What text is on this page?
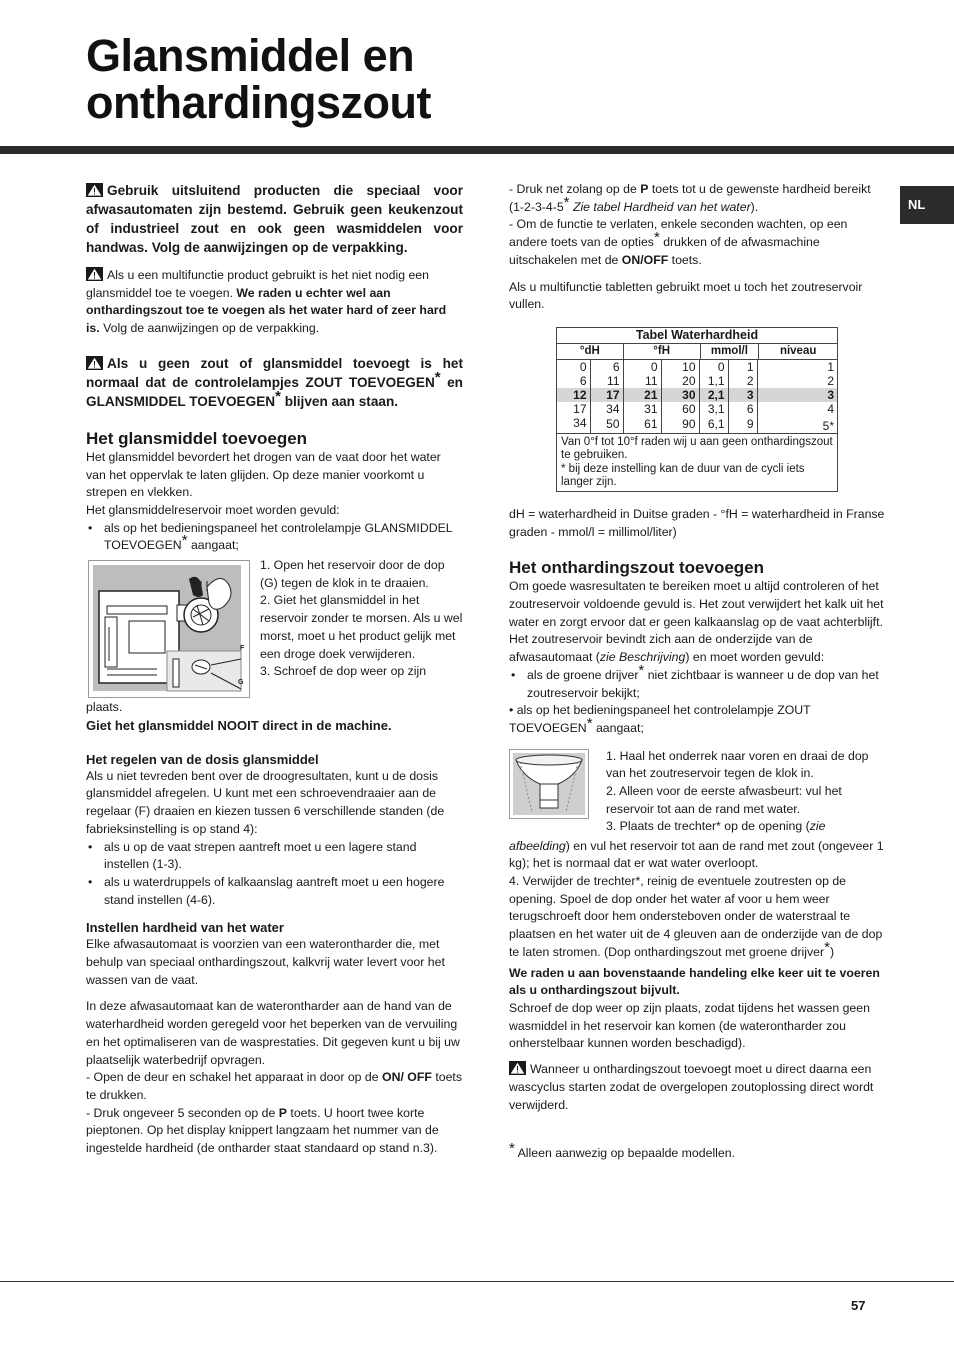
Glansmiddel en
onthardingszout
NL

Gebruik uitsluitend producten die speciaal voor afwasautomaten zijn bestemd. Gebruik geen keukenzout of industrieel zout en ook geen wasmiddelen voor handwas. Volg de aanwijzingen op de verpakking.

Als u een multifunctie product gebruikt is het niet nodig een glansmiddel toe te voegen. We raden u echter wel aan onthardingszout toe te voegen als het water hard of zeer hard is. Volg de aanwijzingen op de verpakking.

Als u geen zout of glansmiddel toevoegt is het normaal dat de controlelampjes ZOUT TOEVOEGEN* en GLANSMIDDEL TOEVOEGEN* blijven aan staan.

Het glansmiddel toevoegen

Het glansmiddel bevordert het drogen van de vaat door het water van het oppervlak te laten glijden. Op deze manier voorkomt u strepen en vlekken.

Het glansmiddelreservoir moet worden gevuld:

• als op het bedieningspaneel het controlelampje GLANSMIDDEL TOEVOEGEN* aangaat;
F
G

1. Open het reservoir door de dop (G) tegen de klok in te draaien.

2. Giet het glansmiddel in het reservoir zonder te morsen. Als u wel morst, moet u het product gelijk met een droge doek verwijderen.

3. Schroef de dop weer op zijn

plaats.

Giet het glansmiddel NOOIT direct in de machine.

Het regelen van de dosis glansmiddel

Als u niet tevreden bent over de droogresultaten, kunt u de dosis glansmiddel afregelen. U kunt met een schroevendraaier aan de regelaar (F) draaien en kiezen tussen 6 verschillende standen (de fabrieksinstelling is op stand 4):

• als u op de vaat strepen aantreft moet u een lagere stand instellen (1-3).
• als u waterdruppels of kalkaanslag aantreft moet u een hogere stand instellen (4-6).
Instellen hardheid van het water

Elke afwasautomaat is voorzien van een waterontharder die, met behulp van speciaal onthardingszout, kalkvrij water levert voor het wassen van de vaat.

In deze afwasautomaat kan de waterontharder aan de hand van de waterhardheid worden geregeld voor het beperken van de vervuiling en het optimaliseren van de wasprestaties. Dit gegeven kunt u bij uw plaatselijk waterbedrijf opvragen.

- Open de deur en schakel het apparaat in door op de ON/ OFF toets te drukken.

- Druk ongeveer 5 seconden op de P toets. U hoort twee korte pieptonen. Op het display knippert langzaam het nummer van de ingestelde hardheid (de ontharder staat standaard op stand n.3).

- Druk net zolang op de P toets tot u de gewenste hardheid bereikt (1-2-3-4-5* Zie tabel Hardheid van het water).

- Om de functie te verlaten, enkele seconden wachten, op een andere toets van de opties* drukken of de afwasmachine uitschakelen met de ON/OFF toets.

Als u multifunctie tabletten gebruikt moet u toch het zoutreservoir vullen.

Tabel Waterhardheid
°dH	°fH	mmol/l	niveau
0	6	0	10	0	1	1
6	11	11	20	1,1	2	2
12	17	21	30	2,1	3	3
17	34	31	60	3,1	6	4
34	50	61	90	6,1	9	5*
Van 0°f tot 10°f raden wij u aan geen onthardingszout te gebruiken.
* bij deze instelling kan de duur van de cycli iets langer zijn.

dH = waterhardheid in Duitse graden - °fH = waterhardheid in Franse graden - mmol/l = millimol/liter)

Het onthardingszout toevoegen

Om goede wasresultaten te bereiken moet u altijd controleren of het zoutreservoir voldoende gevuld is. Het zout verwijdert het kalk uit het water en zorgt ervoor dat er geen kalkaanslag op de vaat achterblijft.

Het zoutreservoir bevindt zich aan de onderzijde van de afwasautomaat (zie Beschrijving) en moet worden gevuld:

• als de groene drijver* niet zichtbaar is wanneer u de dop van het zoutreservoir bekijkt;

• als op het bedieningspaneel het controlelampje ZOUT TOEVOEGEN* aangaat;

1. Haal het onderrek naar voren en draai de dop van het zoutreservoir tegen de klok in.

2. Alleen voor de eerste afwasbeurt: vul het reservoir tot aan de rand met water.

3. Plaats de trechter* op de opening (zie

afbeelding) en vul het reservoir tot aan de rand met zout (ongeveer 1 kg); het is normaal dat er wat water overloopt.

4. Verwijder de trechter*, reinig de eventuele zoutresten op de opening. Spoel de dop onder het water af voor u hem weer terugschroeft door hem ondersteboven onder de waterstraal te plaatsen en het water uit de 4 gleuven aan de onderzijde van de dop te laten stromen. (Dop onthardingszout met groene drijver*)

We raden u aan bovenstaande handeling elke keer uit te voeren als u onthardingszout bijvult.

Schroef de dop weer op zijn plaats, zodat tijdens het wassen geen wasmiddel in het reservoir kan komen (de waterontharder zou onherstelbaar kunnen worden beschadigd).

Wanneer u onthardingszout toevoegt moet u direct daarna een wascyclus starten zodat de overgelopen zoutoplossing direct wordt verwijderd.

* Alleen aanwezig op bepaalde modellen.

57
